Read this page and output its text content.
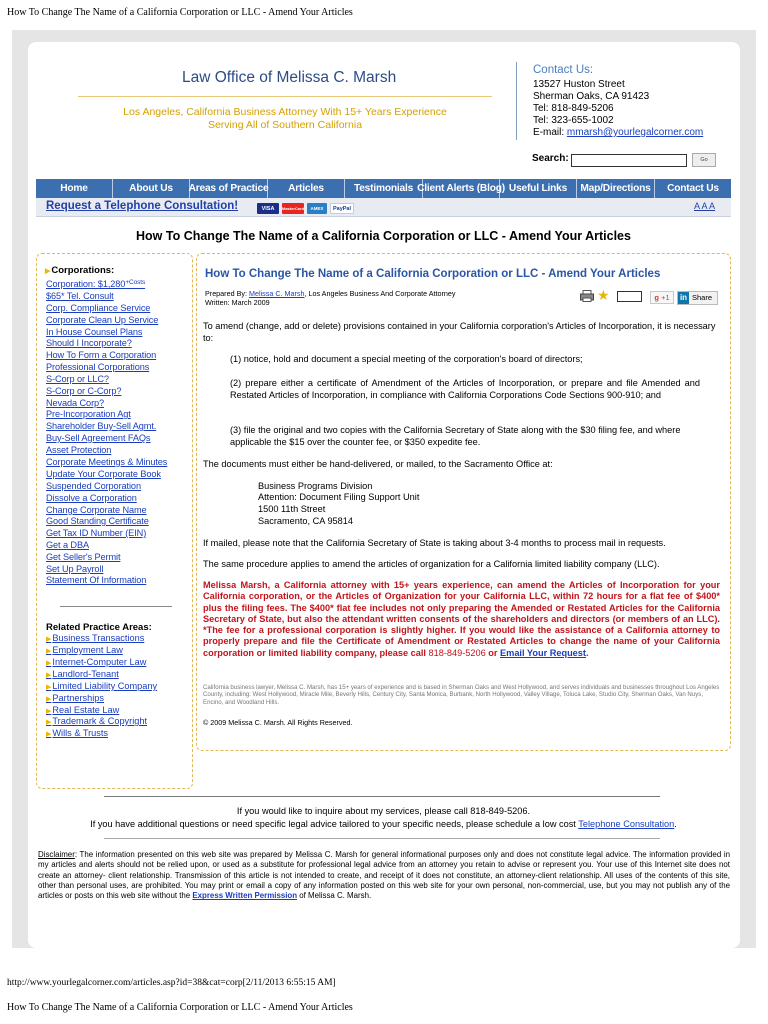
How To Change The Name of a California Corporation or LLC - Amend Your Articles
Law Office of Melissa C. Marsh
Los Angeles, California Business Attorney With 15+ Years Experience
Serving All of Southern California
Contact Us:
13527 Huston Street
Sherman Oaks, CA 91423
Tel: 818-849-5206
Tel: 323-655-1002
E-mail: mmarsh@yourlegalcorner.com
Search:	Go
Home	About Us	Areas of Practice	Articles	Testimonials Client Alerts (Blog) Useful Links	Map/Directions	Contact Us
Request a Telephone Consultation!	VISA	MasterCard	AMEX	PayPal	A A A
How To Change The Name of a California Corporation or LLC - Amend Your Articles
▶Corporations:
Corporation: $1,280$^{+Costs}$
$65* Tel. Consult
Corp. Compliance Service
Corporate Clean Up Service
In House Counsel Plans
Should I Incorporate?
How To Form a Corporation
Professional Corporations
S-Corp or LLC?
S-Corp or C-Corp?
Nevada Corp?
Pre-Incorporation Agt
Shareholder Buy-Sell Agmt.
Buy-Sell Agreement FAQs
Asset Protection
Corporate Meetings & Minutes
Update Your Corporate Book
Suspended Corporation
Dissolve a Corporation
Change Corporate Name
Good Standing Certificate
Get Tax ID Number (EIN)
Get a DBA
Get Seller's Permit
Set Up Payroll
Statement Of Information
Related Practice Areas:
▶Business Transactions
▶Employment Law
▶Internet-Computer Law
▶Landlord-Tenant
▶Limited Liability Company
▶Partnerships
▶Real Estate Law
▶Trademark & Copyright
▶Wills & Trusts
How To Change The Name of a California Corporation or LLC - Amend Your Articles
Prepared By: Melissa C. Marsh, Los Angeles Business And Corporate Attorney
Written: March 2009	★	g +1	in Share
To amend (change, add or delete) provisions contained in your California corporation's Articles of Incorporation, it is necessary to:
(1) notice, hold and document a special meeting of the corporation's board of directors;
(2) prepare either a certificate of Amendment of the Articles of Incorporation, or prepare and file Amended and Restated Articles of Incorporation, in compliance with California Corporations Code Sections 900-910; and
(3) file the original and two copies with the California Secretary of State along with the $30 filing fee, and where applicable the $15 over the counter fee, or $350 expedite fee.
The documents must either be hand-delivered, or mailed, to the Sacramento Office at:
Business Programs Division
Attention: Document Filing Support Unit
1500 11th Street
Sacramento, CA 95814
If mailed, please note that the California Secretary of State is taking about 3-4 months to process mail in requests.
The same procedure applies to amend the articles of organization for a California limited liability company (LLC).
Melissa Marsh, a California attorney with 15+ years experience, can amend the Articles of Incorporation for your California corporation, or the Articles of Organization for your California LLC, within 72 hours for a flat fee of $400* plus the filing fees. The $400* flat fee includes not only preparing the Amended or Restated Articles for the California Secretary of State, but also the attendant written consents of the shareholders and directors (or members of an LLC). *The fee for a professional corporation is slightly higher. If you would like the assistance of a California attorney to properly prepare and file the Certificate of Amendment or Restated Articles to change the name of your California corporation or limited liability company, please call 818-849-5206 or Email Your Request.
California business lawyer, Melissa C. Marsh, has 15+ years of experience and is based in Sherman Oaks and West Hollywood, and serves individuals and businesses throughout Los Angeles County, including: West Hollywood, Miracle Mile, Beverly Hills, Century City, Santa Monica, Burbank, North Hollywood, Valley Village, Toluca Lake, Studio City, Sherman Oaks, Van Nuys, Encino, and Woodland Hills.
© 2009 Melissa C. Marsh. All Rights Reserved.
If you would like to inquire about my services, please call 818-849-5206.
If you have additional questions or need specific legal advice tailored to your specific needs, please schedule a low cost Telephone Consultation.
Disclaimer: The information presented on this web site was prepared by Melissa C. Marsh for general informational purposes only and does not constitute legal advice. The information provided in my articles and alerts should not be relied upon, or used as a substitute for professional legal advice from an attorney you retain to advise or represent you. Your use of this Internet site does not create an attorney- client relationship. Transmission of this article is not intended to create, and receipt of it does not constitute, an attorney-client relationship. All uses of the contents of this site, other than personal uses, are prohibited. You may print or email a copy of any information posted on this web site for your own personal, non-commercial, use, but you may not publish any of the articles or posts on this web site without the Express Written Permission of Melissa C. Marsh.
http://www.yourlegalcorner.com/articles.asp?id=38&cat=corp[2/11/2013 6:55:15 AM]
How To Change The Name of a California Corporation or LLC - Amend Your Articles
